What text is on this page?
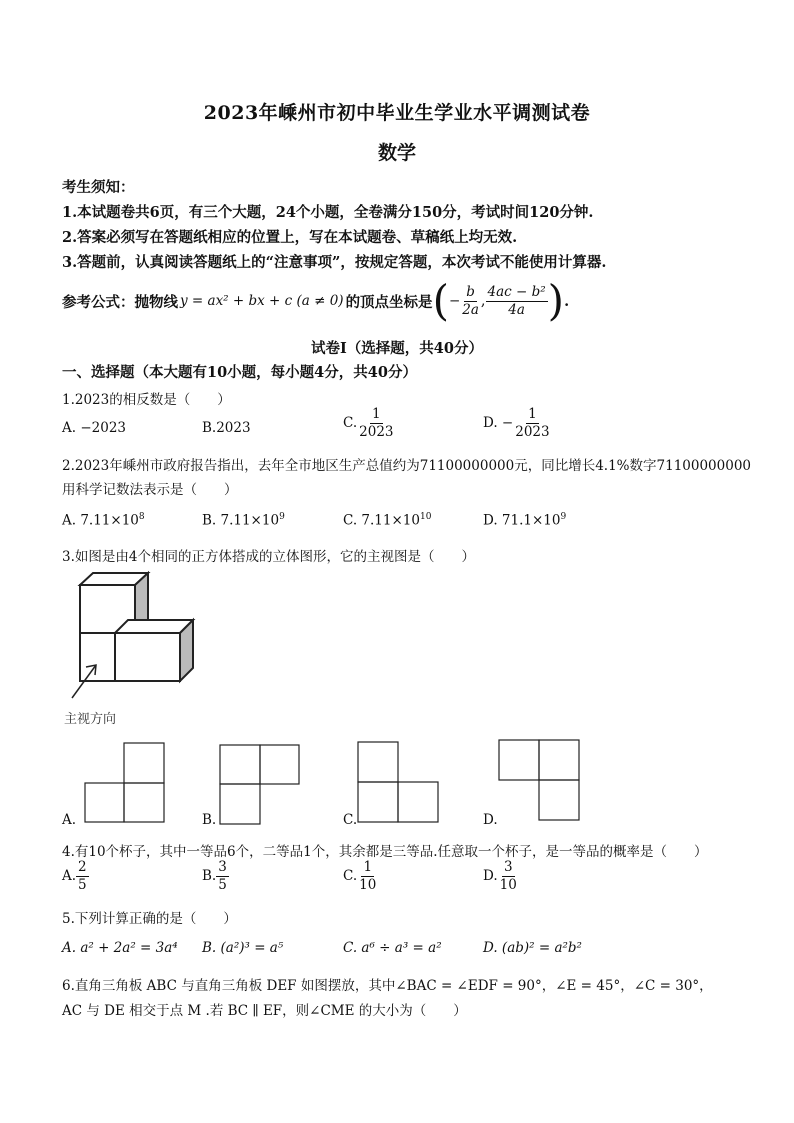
2023年嵊州市初中毕业生学业水平调测试卷
数学
考生须知：
1.本试题卷共6页，有三个大题，24个小题，全卷满分150分，考试时间120分钟.
2.答案必须写在答题纸相应的位置上，写在本试题卷、草稿纸上均无效.
3.答题前，认真阅读答题纸上的“注意事项”，按规定答题，本次考试不能使用计算器.
参考公式：抛物线 y = ax² + bx + c (a ≠ 0) 的顶点坐标是 ( − $\frac{b}{2a}$ , $\frac{\text{4ac − b²}}{4a}$ ) .
试卷Ⅰ（选择题，共40分）
一、选择题（本大题有10小题，每小题4分，共40分）
1.2023的相反数是（　　）
A. −2023	B.2023	C. $\frac{1}{2023}$	D. − $\frac{1}{2023}$
2.2023年嵊州市政府报告指出，去年全市地区生产总值约为71100000000元，同比增长4.1%数字71100000000
用科学记数法表示是（　　）
A. $7.11\times 10^8$	B. $7.11\times 10^9$	C. $7.11\times 10^{10}$	D. $71.1\times 10^9$
3.如图是由4个相同的正方体搭成的立体图形，它的主视图是（　　）
主视方向
A.	B.	C.	D.
4.有10个杯子，其中一等品6个，二等品1个，其余都是三等品.任意取一个杯子，是一等品的概率是（　　）
A. $\frac{2}{5}$	B. $\frac{3}{5}$	C. $\frac{1}{10}$	D. $\frac{3}{10}$
5.下列计算正确的是（　　）
A. a² + 2a² = 3a⁴ B. (a²)³ = a⁵	C. a⁶ ÷ a³ = a²	D. (ab)² = a²b²
6.直角三角板 ABC 与直角三角板 DEF 如图摆放，其中∠BAC = ∠EDF = 90°，∠E = 45°，∠C = 30°，
AC 与 DE 相交于点 M .若 BC ∥ EF，则∠CME 的大小为（　　）
